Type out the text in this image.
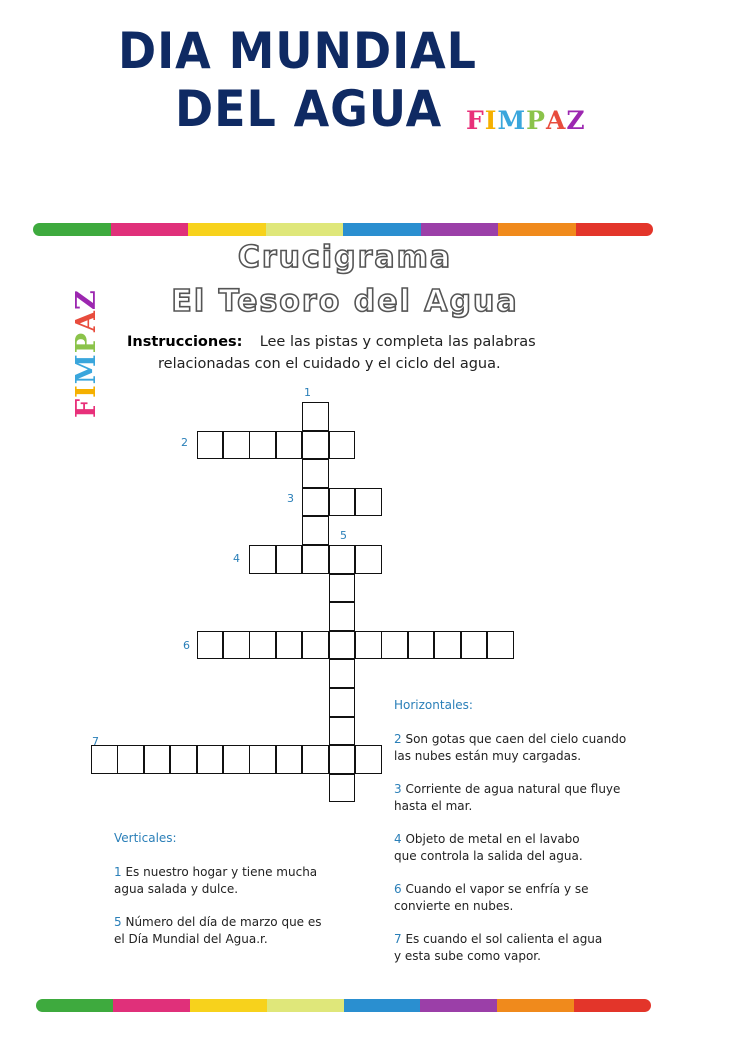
DIA MUNDIAL
DEL AGUA FIMPAZ
FIMPAZ
Crucigrama
El Tesoro del Agua
Instrucciones: Lee las pistas y completa las palabras
relacionadas con el cuidado y el ciclo del agua.
1
2
3
4
5
6
7
Horizontales:
2 Son gotas que caen del cielo cuando
las nubes están muy cargadas.
3 Corriente de agua natural que fluye
hasta el mar.
4 Objeto de metal en el lavabo
que controla la salida del agua.
6 Cuando el vapor se enfría y se
convierte en nubes.
7 Es cuando el sol calienta el agua
y esta sube como vapor.
Verticales:
1 Es nuestro hogar y tiene mucha
agua salada y dulce.
5 Número del día de marzo que es
el Día Mundial del Agua.r.
